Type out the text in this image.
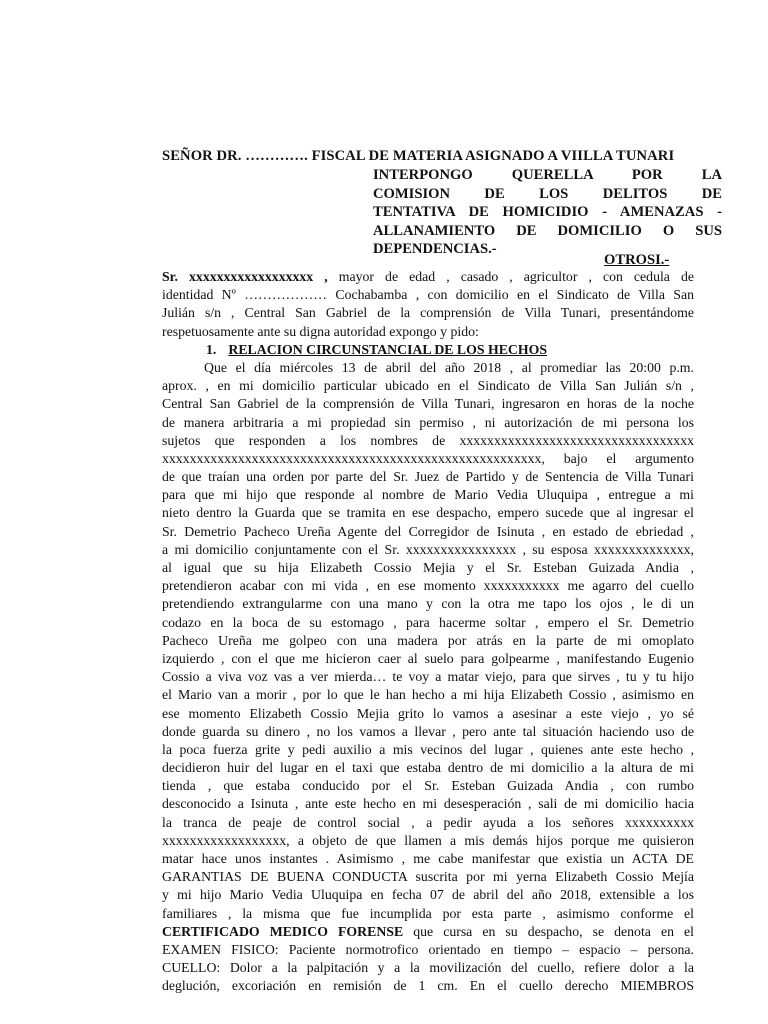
SEÑOR DR. …………. FISCAL DE MATERIA ASIGNADO A VIILLA TUNARI
INTERPONGO QUERELLA POR LA
COMISION DE LOS DELITOS DE
TENTATIVA DE HOMICIDIO - AMENAZAS -
ALLANAMIENTO DE DOMICILIO O SUS
DEPENDENCIAS.-
OTROSI.-
Sr. xxxxxxxxxxxxxxxxxx , mayor de edad , casado , agricultor , con cedula de
identidad Nº ……………… Cochabamba , con domicilio en el Sindicato de Villa San
Julián s/n , Central San Gabriel de la comprensión de Villa Tunari, presentándome
respetuosamente ante su digna autoridad expongo y pido:
1. RELACION CIRCUNSTANCIAL DE LOS HECHOS
Que el día miércoles 13 de abril del año 2018 , al promediar las 20:00 p.m.
aprox. , en mi domicilio particular ubicado en el Sindicato de Villa San Julián s/n ,
Central San Gabriel de la comprensión de Villa Tunari, ingresaron en horas de la noche
de manera arbitraria a mi propiedad sin permiso , ni autorización de mi persona los
sujetos que responden a los nombres de xxxxxxxxxxxxxxxxxxxxxxxxxxxxxxxxxx
xxxxxxxxxxxxxxxxxxxxxxxxxxxxxxxxxxxxxxxxxxxxxxxxxxxxxxx, bajo el argumento
de que traían una orden por parte del Sr. Juez de Partido y de Sentencia de Villa Tunari
para que mi hijo que responde al nombre de Mario Vedia Uluquipa , entregue a mi
nieto dentro la Guarda que se tramita en ese despacho, empero sucede que al ingresar el
Sr. Demetrio Pacheco Ureña Agente del Corregidor de Isinuta , en estado de ebriedad ,
a mi domicilio conjuntamente con el Sr. xxxxxxxxxxxxxxxx , su esposa xxxxxxxxxxxxxx,
al igual que su hija Elizabeth Cossio Mejia y el Sr. Esteban Guizada Andia ,
pretendieron acabar con mi vida , en ese momento xxxxxxxxxxx me agarro del cuello
pretendiendo extrangularme con una mano y con la otra me tapo los ojos , le di un
codazo en la boca de su estomago , para hacerme soltar , empero el Sr. Demetrio
Pacheco Ureña me golpeo con una madera por atrás en la parte de mi omoplato
izquierdo , con el que me hicieron caer al suelo para golpearme , manifestando Eugenio
Cossio a viva voz vas a ver mierda… te voy a matar viejo, para que sirves , tu y tu hijo
el Mario van a morir , por lo que le han hecho a mi hija Elizabeth Cossio , asimismo en
ese momento Elizabeth Cossio Mejia grito lo vamos a asesinar a este viejo , yo sé
donde guarda su dinero , no los vamos a llevar , pero ante tal situación haciendo uso de
la poca fuerza grite y pedi auxilio a mis vecinos del lugar , quienes ante este hecho ,
decidieron huir del lugar en el taxi que estaba dentro de mi domicilio a la altura de mi
tienda , que estaba conducido por el Sr. Esteban Guizada Andia , con rumbo
desconocido a Isinuta , ante este hecho en mi desesperación , sali de mi domicilio hacia
la tranca de peaje de control social , a pedir ayuda a los señores xxxxxxxxxx
xxxxxxxxxxxxxxxxxx, a objeto de que llamen a mis demás hijos porque me quisieron
matar hace unos instantes . Asimismo , me cabe manifestar que existia un ACTA DE
GARANTIAS DE BUENA CONDUCTA suscrita por mi yerna Elizabeth Cossio Mejía
y mi hijo Mario Vedia Uluquipa en fecha 07 de abril del año 2018, extensible a los
familiares , la misma que fue incumplida por esta parte , asimismo conforme el
CERTIFICADO MEDICO FORENSE que cursa en su despacho, se denota en el
EXAMEN FISICO: Paciente normotrofico orientado en tiempo – espacio – persona.
CUELLO: Dolor a la palpitación y a la movilización del cuello, refiere dolor a la
deglución, excoriación en remisión de 1 cm. En el cuello derecho MIEMBROS
